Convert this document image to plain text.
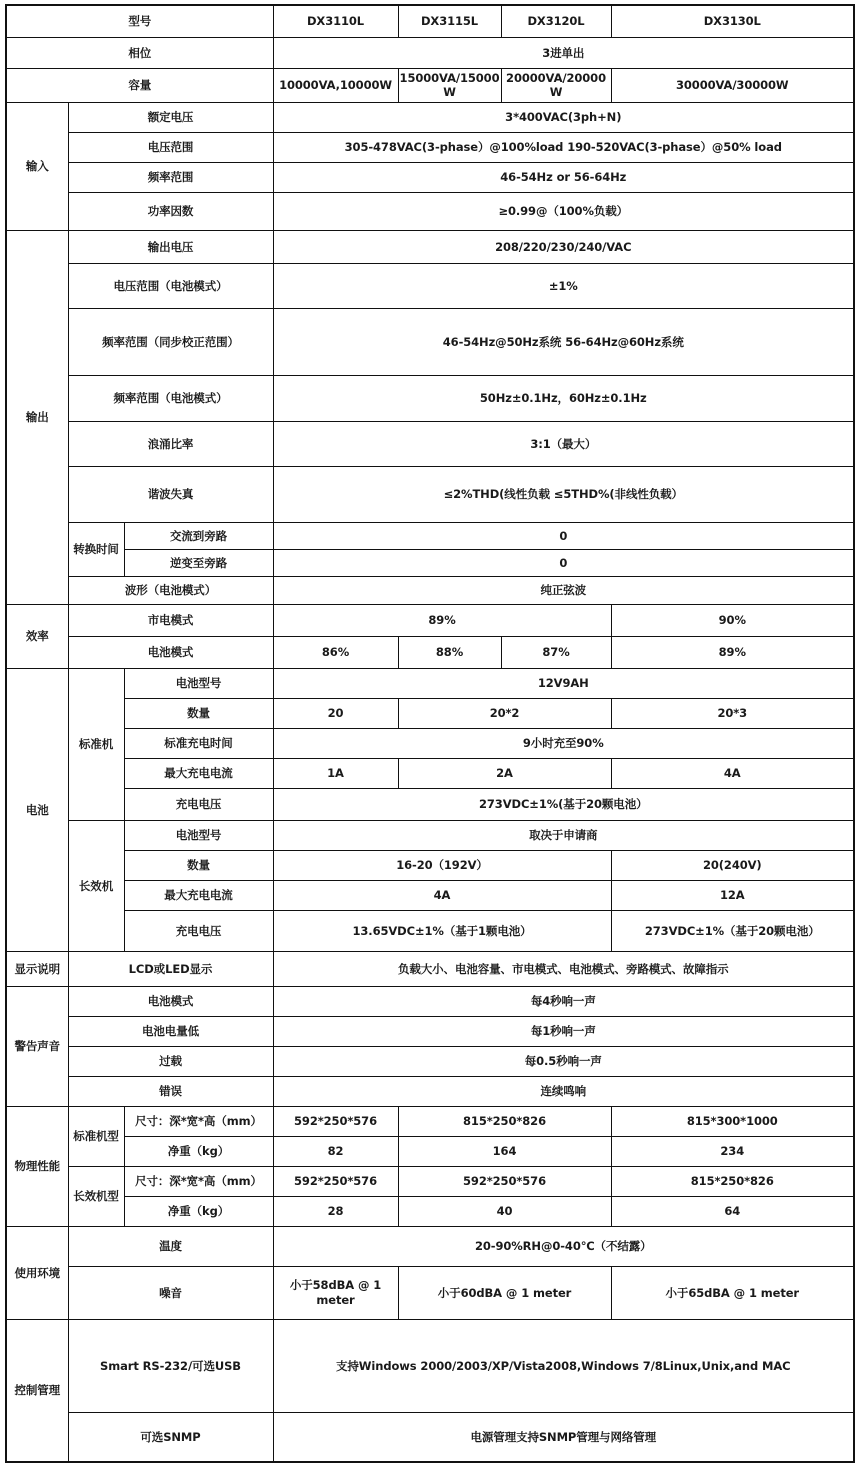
型号			DX3110L	DX3115L	DX3120L	DX3130L
相位			3进单出			
容量			10000VA,10000W	15000VA/15000W	20000VA/20000W	30000VA/30000W
输入	额定电压		3*400VAC(3ph+N)			
	电压范围		305-478VAC(3-phase）@100%load 190-520VAC(3-phase）@50% load			
	频率范围		46-54Hz or 56-64Hz			
	功率因数		≥0.99@（100%负载）			
输出	输出电压		208/220/230/240/VAC			
	电压范围（电池模式）		±1%			
	频率范围（同步校正范围）		46-54Hz@50Hz系统 56-64Hz@60Hz系统			
	频率范围（电池模式）		50Hz±0.1Hz，60Hz±0.1Hz			
	浪涌比率		3:1（最大）			
	谐波失真		≤2%THD(线性负载 ≤5THD%(非线性负载）			
	转换时间	交流到旁路	0			
		逆变至旁路	0			
	波形（电池模式）		纯正弦波			
效率	市电模式		89%			90%
	电池模式		86%	88%	87%	89%
电池	标准机	电池型号	12V9AH			
		数量	20	20*2		20*3
		标准充电时间	9小时充至90%			
		最大充电电流	1A	2A		4A
		充电电压	273VDC±1%(基于20颗电池）			
	长效机	电池型号	取决于申请商			
		数量	16-20（192V）			20(240V)
		最大充电电流	4A			12A
		充电电压	13.65VDC±1%（基于1颗电池）			273VDC±1%（基于20颗电池）
显示说明	LCD或LED显示		负载大小、电池容量、市电模式、电池模式、旁路模式、故障指示			
警告声音	电池模式		每4秒响一声			
	电池电量低		每1秒响一声			
	过载		每0.5秒响一声			
	错误		连续鸣响			
物理性能	标准机型	尺寸：深*宽*高（mm）	592*250*576	815*250*826		815*300*1000
		净重（kg）	82	164		234
	长效机型	尺寸：深*宽*高（mm）	592*250*576	592*250*576		815*250*826
		净重（kg）	28	40		64
使用环境	温度		20-90%RH@0-40℃（不结露）			
	噪音		小于58dBA @ 1 meter	小于60dBA @ 1 meter		小于65dBA @ 1 meter
控制管理	Smart RS-232/可选USB		支持Windows 2000/2003/XP/Vista2008,Windows 7/8Linux,Unix,and MAC			
	可选SNMP		电源管理支持SNMP管理与网络管理			
